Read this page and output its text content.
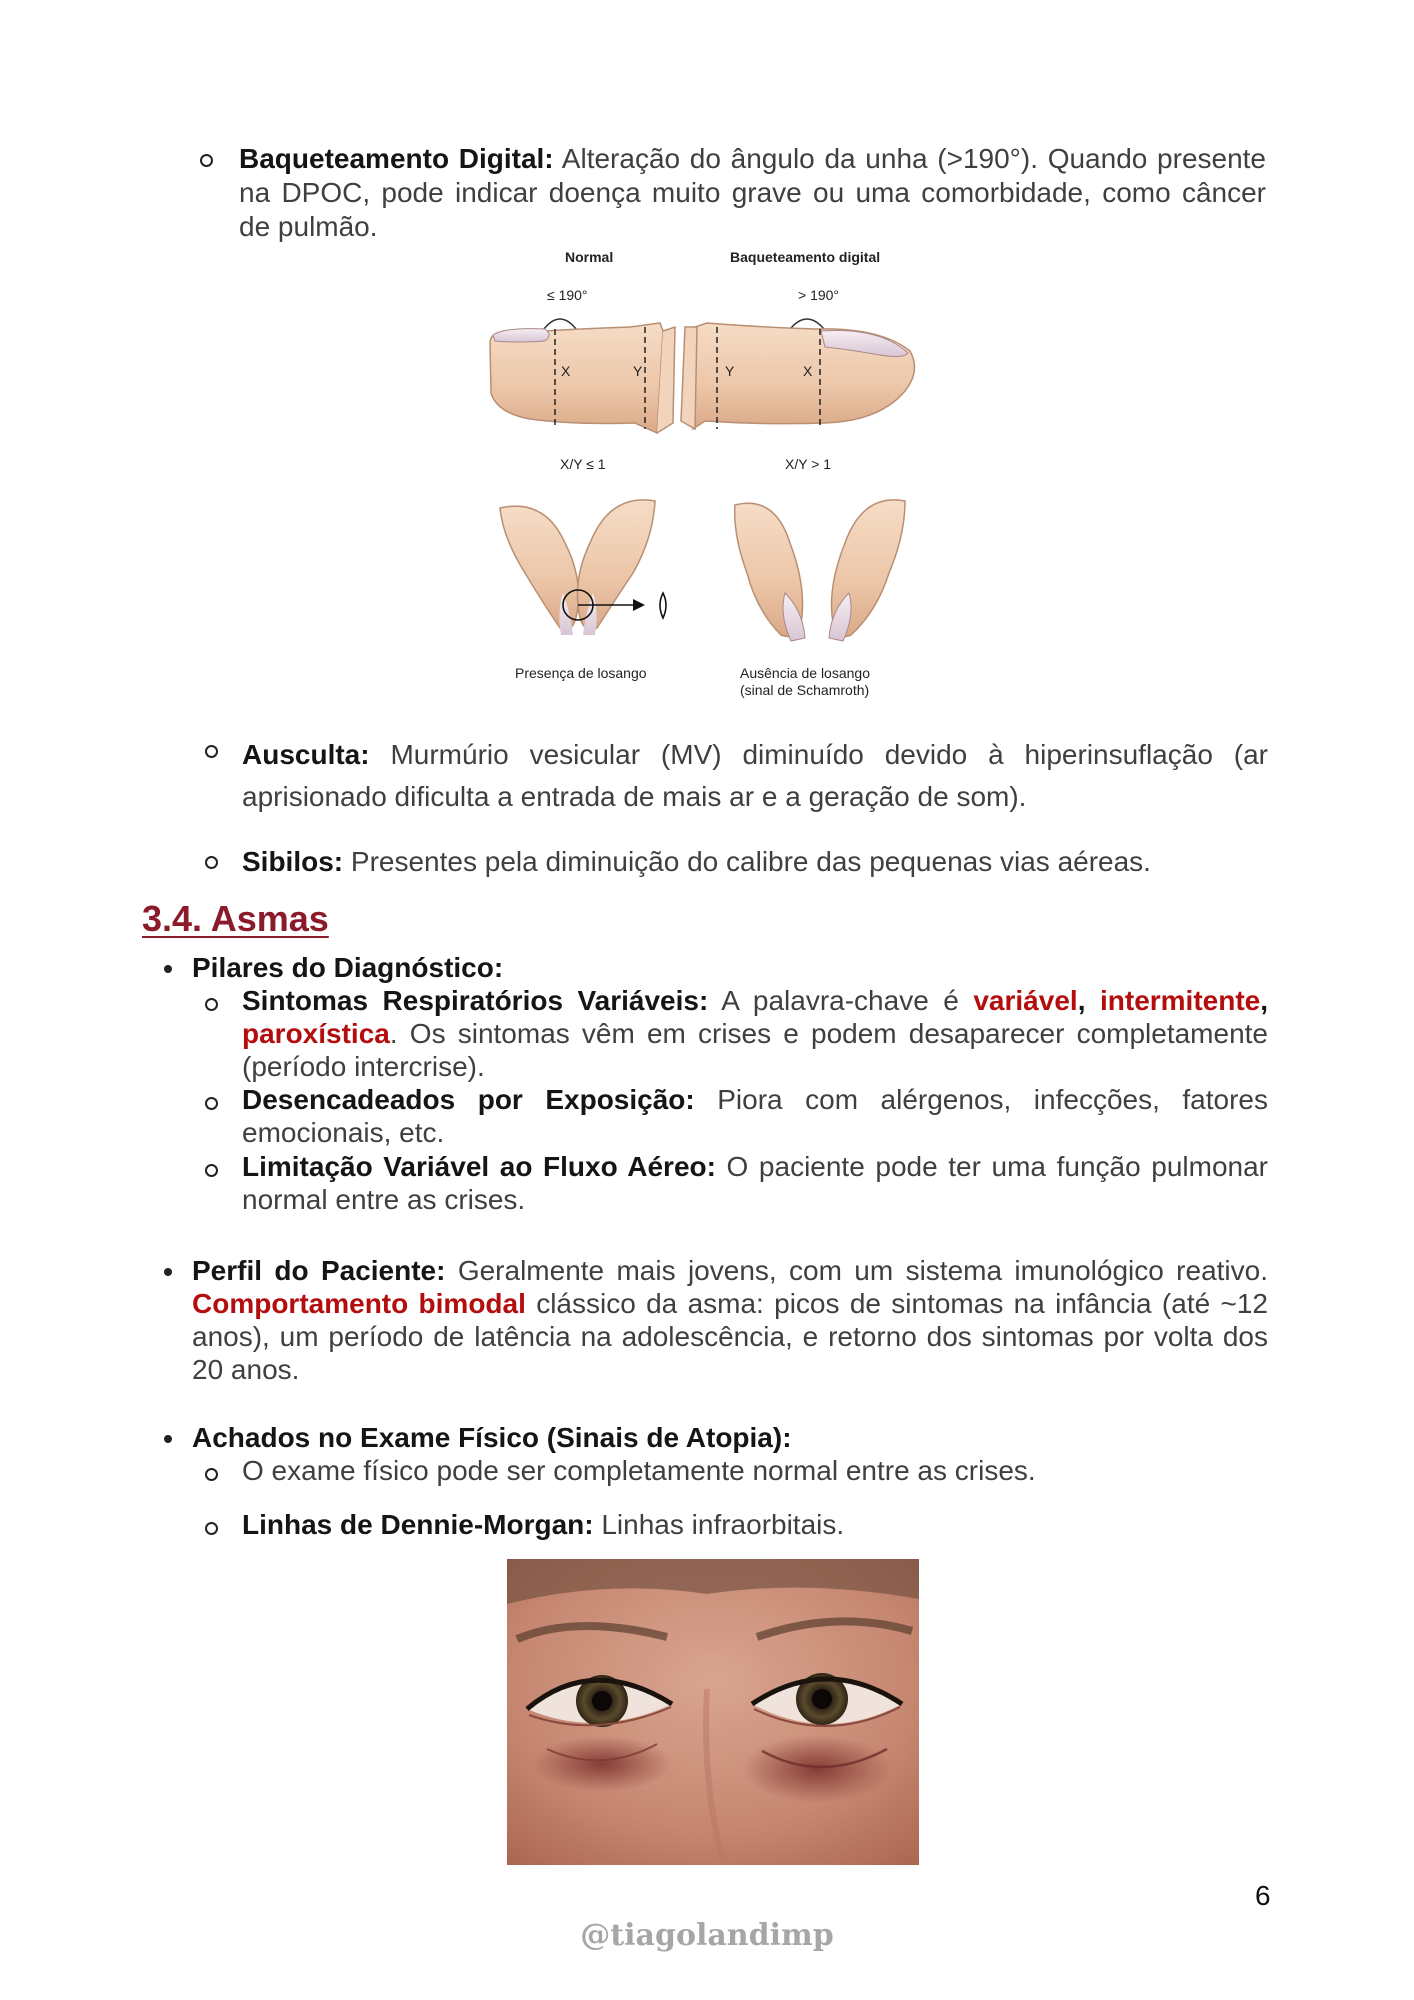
Baqueteamento Digital: Alteração do ângulo da unha (>190°). Quando presente na DPOC, pode indicar doença muito grave ou uma comorbidade, como câncer de pulmão.

Normal	Baqueteamento digital
≤ 190°	> 190°
X	Y	Y	X
X/Y ≤ 1	X/Y > 1
Presença de losango	Ausência de losango
(sinal de Schamroth)

Ausculta: Murmúrio vesicular (MV) diminuído devido à hiperinsuflação (ar aprisionado dificulta a entrada de mais ar e a geração de som).

Sibilos: Presentes pela diminuição do calibre das pequenas vias aéreas.

3.4. Asmas

Pilares do Diagnóstico:

Sintomas Respiratórios Variáveis: A palavra-chave é variável, intermitente, paroxística. Os sintomas vêm em crises e podem desaparecer completamente (período intercrise).

Desencadeados por Exposição: Piora com alérgenos, infecções, fatores emocionais, etc.

Limitação Variável ao Fluxo Aéreo: O paciente pode ter uma função pulmonar normal entre as crises.

Perfil do Paciente: Geralmente mais jovens, com um sistema imunológico reativo. Comportamento bimodal clássico da asma: picos de sintomas na infância (até ~12 anos), um período de latência na adolescência, e retorno dos sintomas por volta dos 20 anos.

Achados no Exame Físico (Sinais de Atopia):

O exame físico pode ser completamente normal entre as crises.

Linhas de Dennie-Morgan: Linhas infraorbitais.

6
@tiagolandimp
